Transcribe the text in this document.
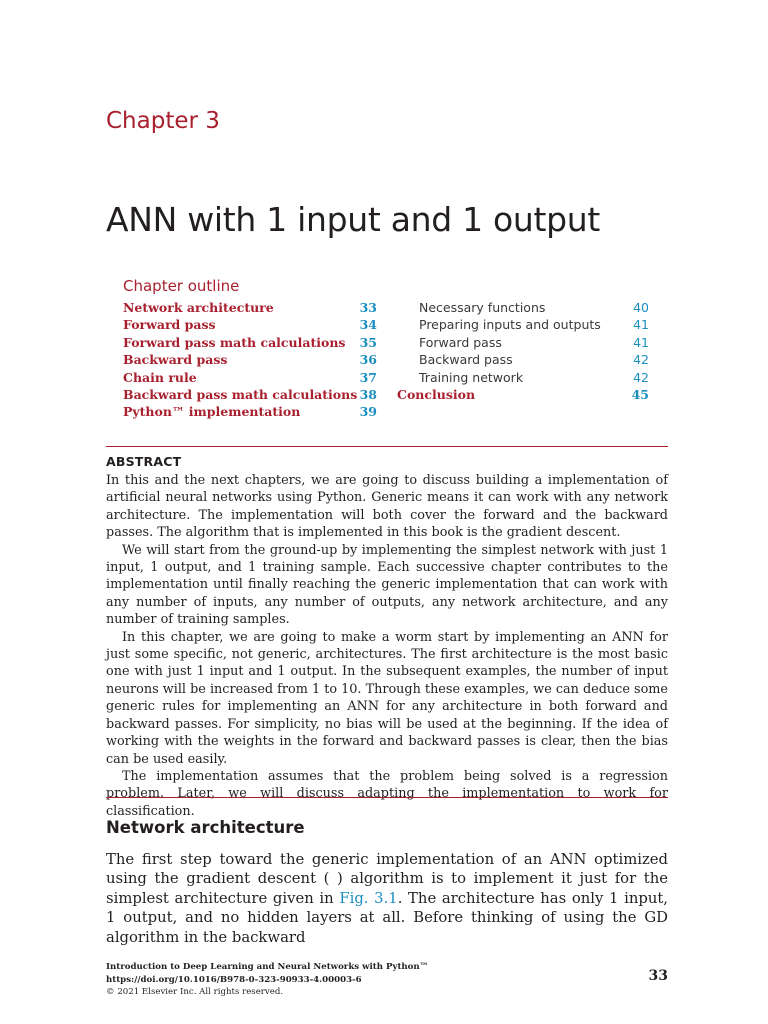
Chapter 3
ANN with 1 input and 1 output
Chapter outline
Network architecture	33
Forward pass	34
Forward pass math calculations 35
Backward pass	36
Chain rule	37
Backward pass math calculations 38
Python™ implementation	39
Necessary functions	40
Preparing inputs and outputs	41
Forward pass	41
Backward pass	42
Training network	42
Conclusion	45
ABSTRACT

In this and the next chapters, we are going to discuss building a implementation of artificial neural networks using Python. Generic means it can work with any network architecture. The implementation will both cover the forward and the backward passes. The algorithm that is implemented in this book is the gradient descent.

We will start from the ground-up by implementing the simplest network with just 1 input, 1 output, and 1 training sample. Each successive chapter contributes to the implementation until finally reaching the generic implementation that can work with any number of inputs, any number of outputs, any network architecture, and any number of training samples.

In this chapter, we are going to make a worm start by implementing an ANN for just some specific, not generic, architectures. The first architecture is the most basic one with just 1 input and 1 output. In the subsequent examples, the number of input neurons will be increased from 1 to 10. Through these examples, we can deduce some generic rules for implementing an ANN for any architecture in both forward and backward passes. For simplicity, no bias will be used at the beginning. If the idea of working with the weights in the forward and backward passes is clear, then the bias can be used easily.

The implementation assumes that the problem being solved is a regression problem. Later, we will discuss adapting the implementation to work for classification.

Network architecture

The first step toward the generic implementation of an ANN optimized using the gradient descent ( ) algorithm is to implement it just for the simplest architecture given in Fig. 3.1. The architecture has only 1 input, 1 output, and no hidden layers at all. Before thinking of using the GD algorithm in the backward

Introduction to Deep Learning and Neural Networks with Python™
https://doi.org/10.1016/B978-0-323-90933-4.00003-6
© 2021 Elsevier Inc. All rights reserved.
33
